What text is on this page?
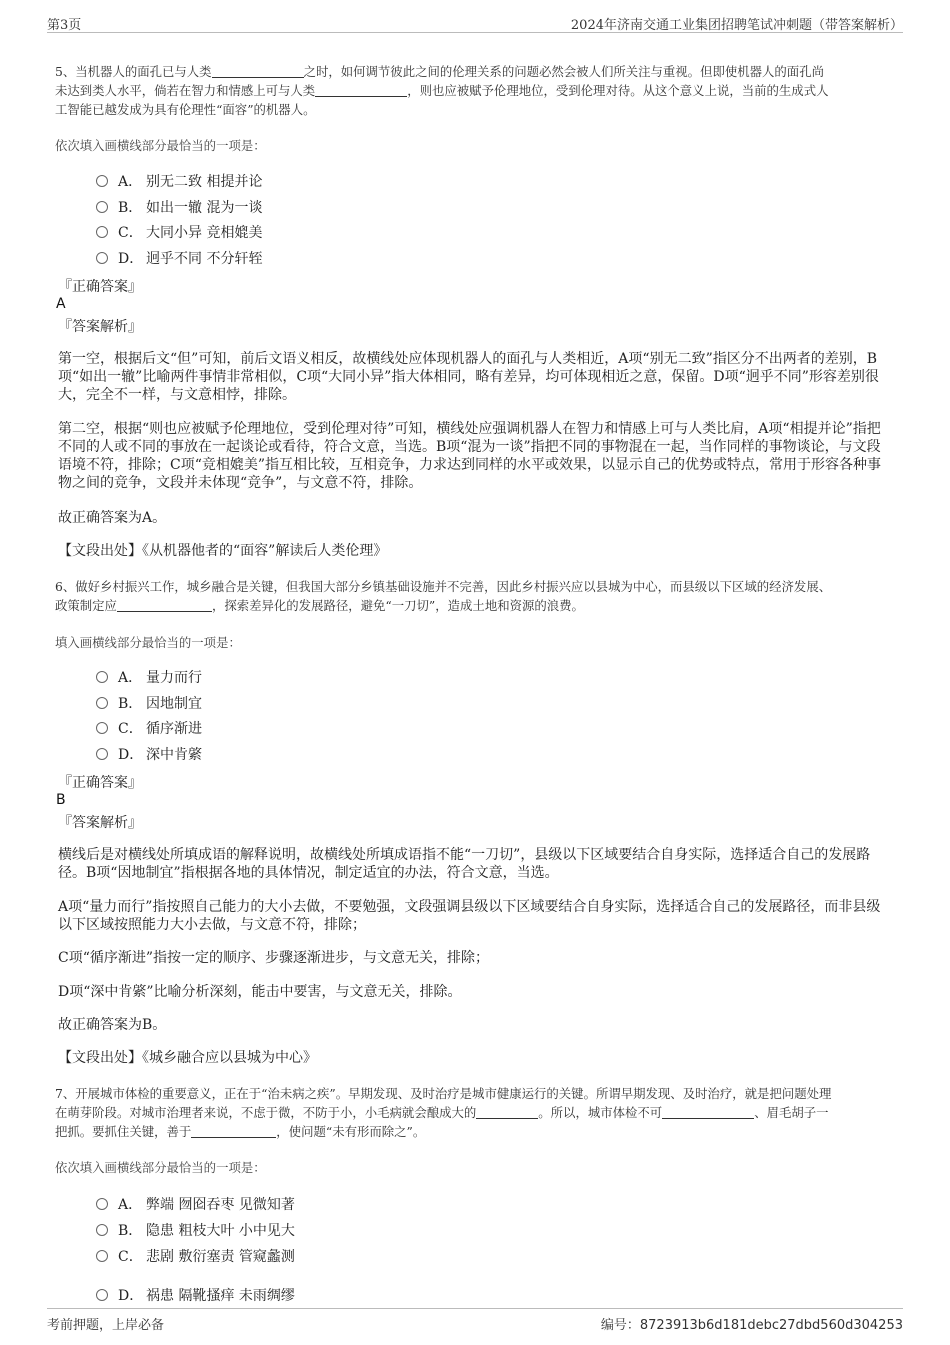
第3页	2024年济南交通工业集团招聘笔试冲刺题（带答案解析）
5、当机器人的面孔已与人类	之时，如何调节彼此之间的伦理关系的问题必然会被人们所关注与重视。但即使机器人的面孔尚
未达到类人水平，倘若在智力和情感上可与人类	，则也应被赋予伦理地位，受到伦理对待。从这个意义上说，当前的生成式人
工智能已越发成为具有伦理性“面容”的机器人。
依次填入画横线部分最恰当的一项是：
A． 别无二致 相提并论
B． 如出一辙 混为一谈
C． 大同小异 竞相媲美
D． 迥乎不同 不分轩轾
『正确答案』
A
『答案解析』
第一空，根据后文“但”可知，前后文语义相反，故横线处应体现机器人的面孔与人类相近，A项“别无二致”指区分不出两者的差别，B项“如出一辙”比喻两件事情非常相似，C项“大同小异”指大体相同，略有差异，均可体现相近之意，保留。D项“迥乎不同”形容差别很大，完全不一样，与文意相悖，排除。
第二空，根据“则也应被赋予伦理地位，受到伦理对待”可知，横线处应强调机器人在智力和情感上可与人类比肩，A项“相提并论”指把不同的人或不同的事放在一起谈论或看待，符合文意，当选。B项“混为一谈”指把不同的事物混在一起，当作同样的事物谈论，与文段语境不符，排除；C项“竞相媲美”指互相比较，互相竞争，力求达到同样的水平或效果，以显示自己的优势或特点，常用于形容各种事物之间的竞争，文段并未体现“竞争”，与文意不符，排除。
故正确答案为A。
【文段出处】《从机器他者的“面容”解读后人类伦理》
6、做好乡村振兴工作，城乡融合是关键，但我国大部分乡镇基础设施并不完善，因此乡村振兴应以县城为中心，而县级以下区域的经济发展、
政策制定应	，探索差异化的发展路径，避免“一刀切”，造成土地和资源的浪费。
填入画横线部分最恰当的一项是：
A． 量力而行
B． 因地制宜
C． 循序渐进
D． 深中肯綮
『正确答案』
B
『答案解析』
横线后是对横线处所填成语的解释说明，故横线处所填成语指不能“一刀切”，县级以下区域要结合自身实际，选择适合自己的发展路径。B项“因地制宜”指根据各地的具体情况，制定适宜的办法，符合文意，当选。
A项“量力而行”指按照自己能力的大小去做，不要勉强，文段强调县级以下区域要结合自身实际，选择适合自己的发展路径，而非县级以下区域按照能力大小去做，与文意不符，排除；
C项“循序渐进”指按一定的顺序、步骤逐渐进步，与文意无关，排除；
D项“深中肯綮”比喻分析深刻，能击中要害，与文意无关，排除。
故正确答案为B。
【文段出处】《城乡融合应以县城为中心》
7、开展城市体检的重要意义，正在于“治未病之疾”。早期发现、及时治疗是城市健康运行的关键。所谓早期发现、及时治疗，就是把问题处理
在萌芽阶段。对城市治理者来说，不虑于微，不防于小，小毛病就会酿成大的	。所以，城市体检不可	、眉毛胡子一
把抓。要抓住关键，善于	，使问题“未有形而除之”。
依次填入画横线部分最恰当的一项是：
A． 弊端 囫囵吞枣 见微知著
B． 隐患 粗枝大叶 小中见大
C． 悲剧 敷衍塞责 管窥蠡测
D． 祸患 隔靴搔痒 未雨绸缪
考前押题，上岸必备	编号：8723913b6d181debc27dbd560d304253
